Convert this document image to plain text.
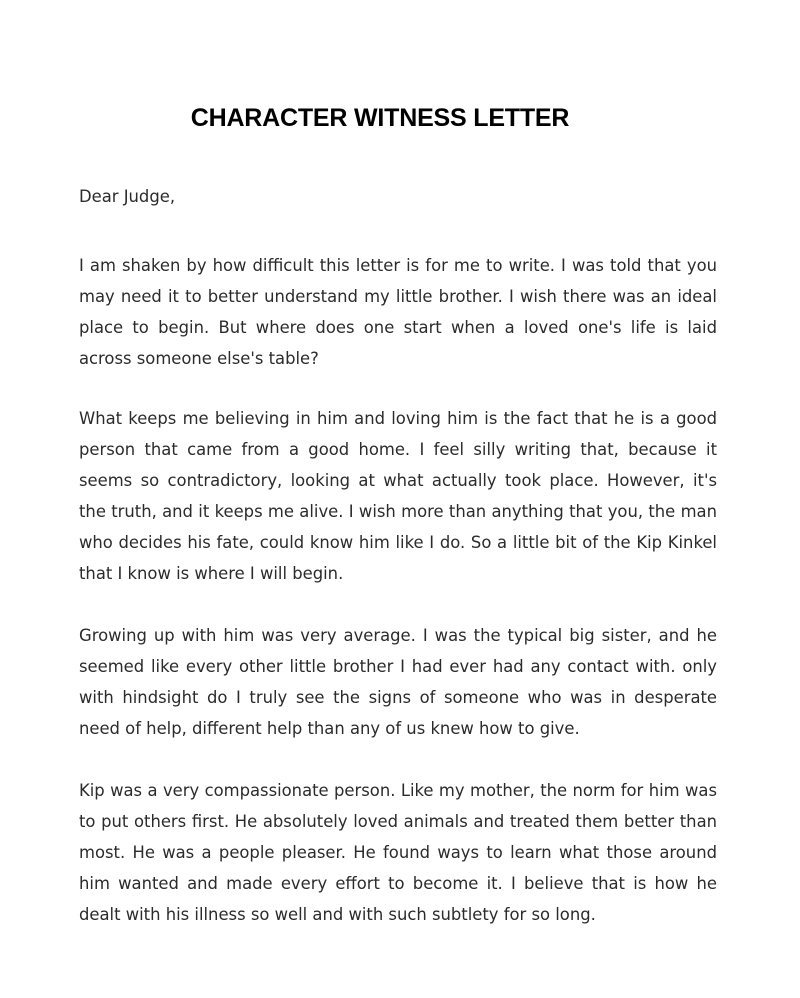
CHARACTER WITNESS LETTER

Dear Judge,

I am shaken by how difficult this letter is for me to write. I was told that you may need it to better understand my little brother. I wish there was an ideal place to begin. But where does one start when a loved one's life is laid across someone else's table?

What keeps me believing in him and loving him is the fact that he is a good person that came from a good home. I feel silly writing that, because it seems so contradictory, looking at what actually took place. However, it's the truth, and it keeps me alive. I wish more than anything that you, the man who decides his fate, could know him like I do. So a little bit of the Kip Kinkel that I know is where I will begin.

Growing up with him was very average. I was the typical big sister, and he seemed like every other little brother I had ever had any contact with. only with hindsight do I truly see the signs of someone who was in desperate need of help, different help than any of us knew how to give.

Kip was a very compassionate person. Like my mother, the norm for him was to put others first. He absolutely loved animals and treated them better than most. He was a people pleaser. He found ways to learn what those around him wanted and made every effort to become it. I believe that is how he dealt with his illness so well and with such subtlety for so long.
